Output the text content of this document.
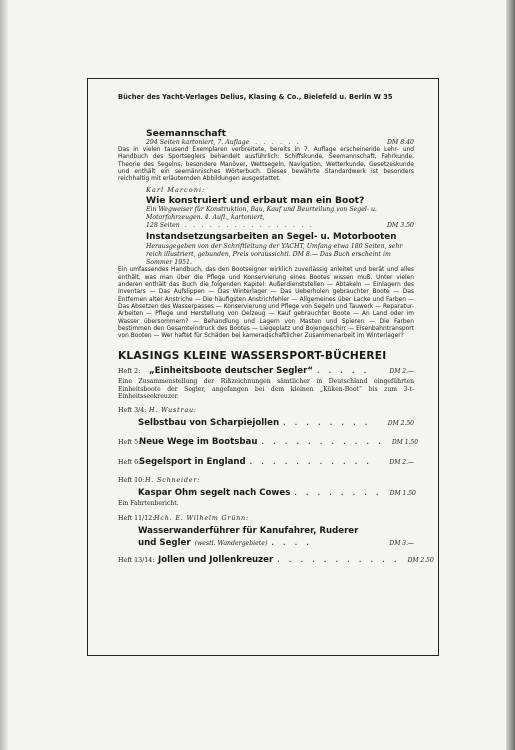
Bücher des Yacht-Verlages Delius, Klasing & Co., Bielefeld u. Berlin W 35
Seemannschaft
294 Seiten kartoniert, 7. Auflage . . . . . .	DM 8.40
Das in vielen tausend Exemplaren verbreitete, bereits in 7. Auflage erscheinende Lehr- und Handbuch des Sportseglers behandelt ausführlich: Schiffskunde, Seemannschaft, Fahrkunde, Theorie des Segelns, besondere Manöver, Wettsegeln, Navigation, Wetterkunde, Gesetzeskunde und enthält ein seemännisches Wörterbuch. Dieses bewährte Standardwerk ist besonders reichhaltig mit erläuternden Abbildungen ausgestattet.
Karl Marconi:
Wie konstruiert und erbaut man ein Boot?
Ein Wegweiser für Konstruktion, Bau, Kauf und Beurteilung von Segel- u. Motorfahrzeugen. 4. Aufl., kartoniert,
128 Seiten . . . . . . . . . . . . . . . .	DM 3.50
Instandsetzungsarbeiten an Segel- u. Motorbooten
Herausgegeben von der Schriftleitung der YACHT, Umfang etwa 180 Seiten, sehr reich illustriert, gebunden, Preis voraussichtl. DM 8.— Das Buch erscheint im Sommer 1951.
Ein umfassendes Handbuch, das den Bootseigner wirklich zuverlässig anleitet und berät und alles enthält, was man über die Pflege und Konservierung eines Bootes wissen muß. Unter vielen anderen enthält das Buch die folgenden Kapitel: Außerdienststellen — Abtakeln — Einlagern des Inventars — Das Aufslippen — Das Winterlager — Das Ueberholen gebrauchter Boote — Das Entfernen alter Anstriche — Die häufigsten Anstrichfehler — Allgemeines über Lacke und Farben — Das Absetzen des Wasserpasses — Konservierung und Pflege von Segeln und Tauwerk — Reparatur-Arbeiten — Pflege und Herstellung von Oelzeug — Kauf gebrauchter Boote — An Land oder im Wasser übersommern? — Behandlung und Lagern von Masten und Spieren — Die Farben bestimmen den Gesamteindruck des Bootes — Liegeplatz und Bojengeschirr — Eisenbahntransport von Booten — Wer haftet für Schäden bei kameradschaftlicher Zusammenarbeit im Winterlager?
KLASINGS KLEINE WASSERSPORT-BÜCHEREI
Heft 2:	„Einheitsboote deutscher Segler“ . . . . .	DM 2.—
Eine Zusammenstellung der Rißzeichnungen sämtlicher in Deutschland eingeführten Einheitsboote der Segler, angefangen bei dem kleinen „Küken-Boot“ bis zum 3-t-Einheitsseekreuzer.
Heft 3/4: H. Wustrau:
Selbstbau von Scharpiejollen . . . . . . . .	DM 2.50
Heft 5:
Neue Wege im Bootsbau . . . . . . . . . . .	DM 1.50
Heft 6:
Segelsport in England . . . . . . . . . . .	DM 2.—
Heft 10: H. Schneider:
Kaspar Ohm segelt nach Cowes . . . . . . . .	DM 1.50
Ein Fahrtenbericht.
Heft 11/12: Hch. E. Wilhelm Grünn:
Wasserwanderführer für Kanufahrer, Ruderer
und Segler (westl. Wandergebiete) . . . .	DM 3.—
Heft 13/14: Jollen und Jollenkreuzer . . . . . . . . . . .	DM 2.50
